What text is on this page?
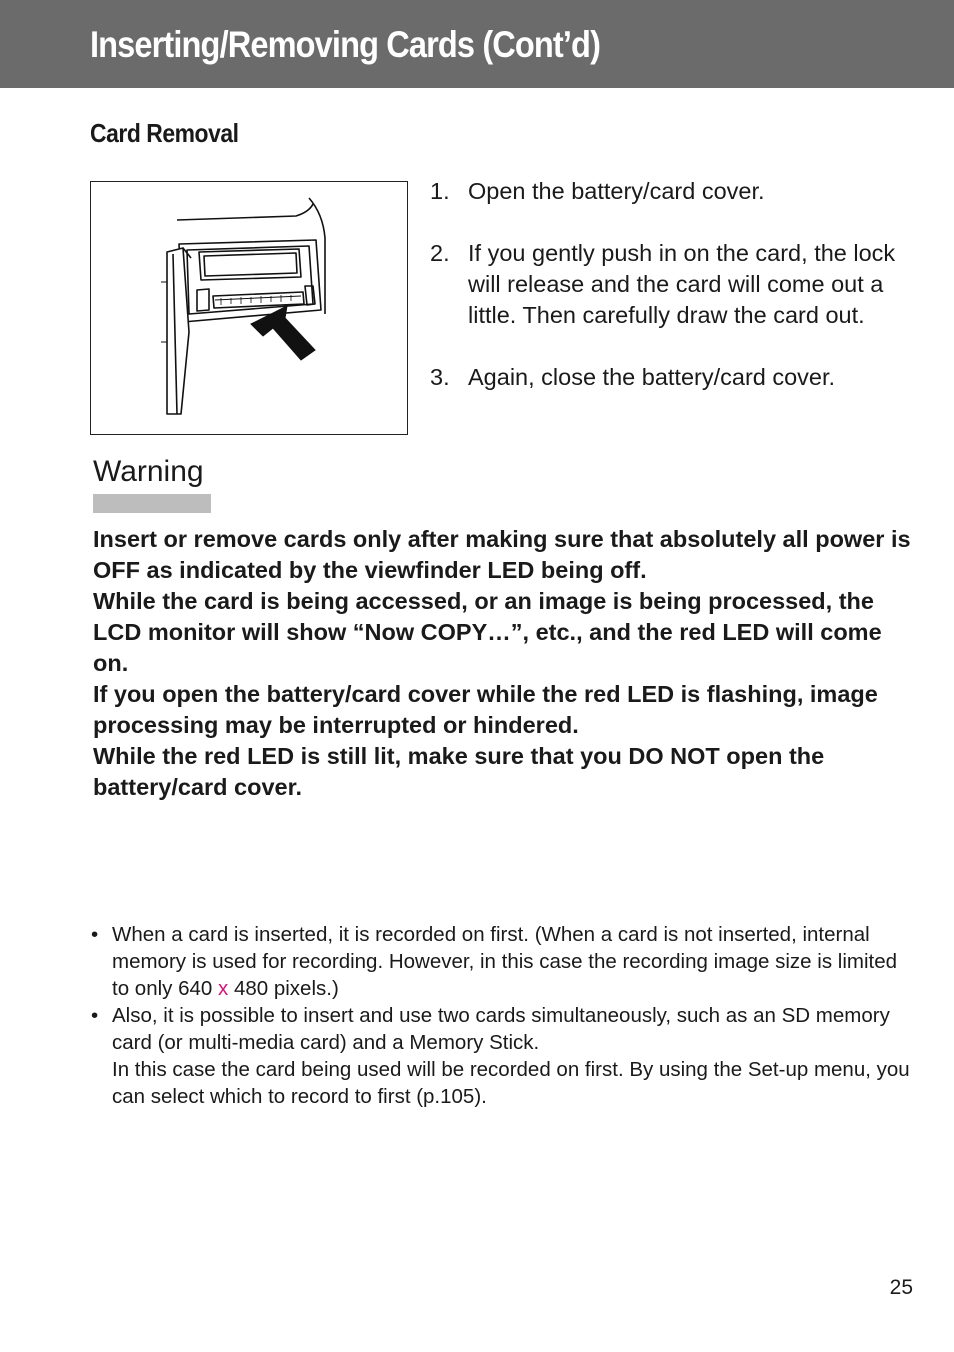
Inserting/Removing Cards (Cont’d)
Card Removal
1. Open the battery/card cover.
2. If you gently push in on the card, the lock will release and the card will come out a little. Then carefully draw the card out.
3. Again, close the battery/card cover.
Warning

Insert or remove cards only after making sure that absolutely all power is OFF as indicated by the viewfinder LED being off.

While the card is being accessed, or an image is being processed, the LCD monitor will show “Now COPY…”, etc., and the red LED will come on.

If you open the battery/card cover while the red LED is flashing, image processing may be interrupted or hindered.

While the red LED is still lit, make sure that you DO NOT open the battery/card cover.

• When a card is inserted, it is recorded on first. (When a card is not inserted, internal memory is used for recording. However, in this case the recording image size is limited to only 640 x 480 pixels.)

• Also, it is possible to insert and use two cards simultaneously, such as an SD memory card (or multi-media card) and a Memory Stick.

In this case the card being used will be recorded on first. By using the Set-up menu, you can select which to record to first (p.105).

25
